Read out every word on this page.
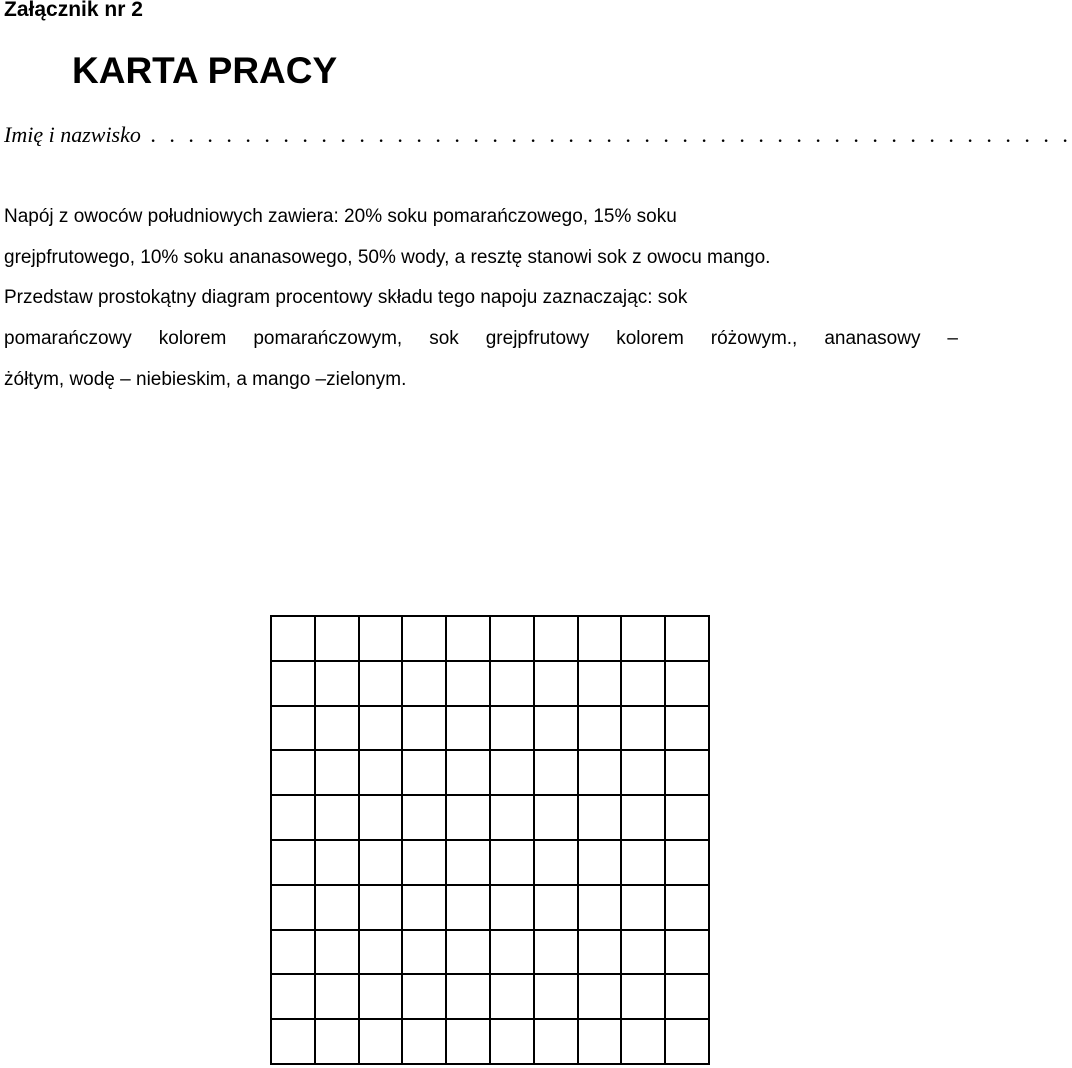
Załącznik nr 2
KARTA PRACY
Imię i nazwisko . . . . . . . . . . . . . . . . . . . . . . . . . . . . . . . . . . . . . . . . . . . . . . . . .

Napój z owoców południowych zawiera: 20% soku pomarańczowego, 15% soku
grejpfrutowego, 10% soku ananasowego, 50% wody, a resztę stanowi sok z owocu mango.
Przedstaw prostokątny diagram procentowy składu tego napoju zaznaczając: sok
pomarańczowy kolorem pomarańczowym, sok grejpfrutowy kolorem różowym., ananasowy –
żółtym, wodę – niebieskim, a mango –zielonym.
